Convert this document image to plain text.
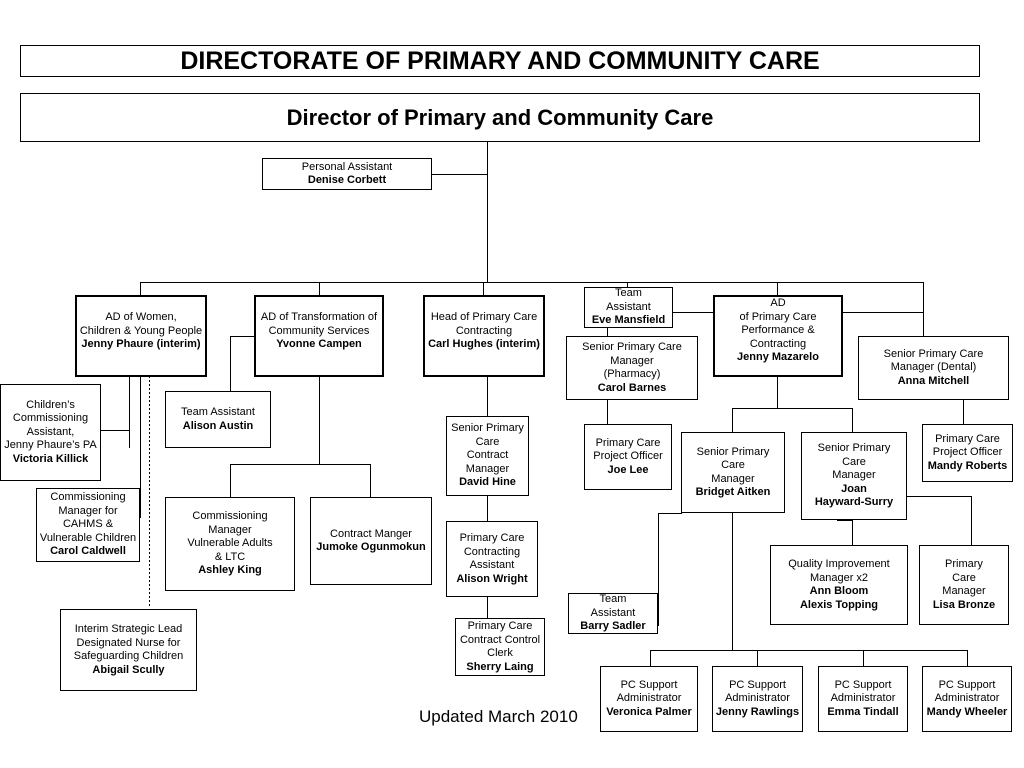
DIRECTORATE OF PRIMARY AND COMMUNITY CARE
Director of Primary and Community Care
Personal Assistant
Denise Corbett
AD of Women,
Children & Young People
Jenny Phaure (interim)
AD of Transformation of
Community Services
Yvonne Campen
Head of Primary Care
Contracting
Carl Hughes (interim)
Team
Assistant
Eve Mansfield
AD
of Primary Care
Performance &
Contracting
Jenny Mazarelo
Children’s
Commissioning
Assistant,
Jenny Phaure’s PA
Victoria Killick
Commissioning
Manager for
CAHMS &
Vulnerable Children
Carol Caldwell
Interim Strategic Lead
Designated Nurse for
Safeguarding Children
Abigail Scully
Team Assistant
Alison Austin
Commissioning
Manager
Vulnerable Adults
& LTC
Ashley King
Contract Manger
Jumoke Ogunmokun
Senior Primary
Care
Contract
Manager
David Hine
Primary Care
Contracting
Assistant
Alison Wright
Primary Care
Contract Control
Clerk
Sherry Laing
Senior Primary Care
Manager
(Pharmacy)
Carol Barnes
Primary Care
Project Officer
Joe Lee
Team
Assistant
Barry Sadler
Senior Primary
Care
Manager
Bridget Aitken
Senior Primary
Care
Manager
Joan
Hayward-Surry
Senior Primary Care
Manager (Dental)
Anna Mitchell
Primary Care
Project Officer
Mandy Roberts
Quality Improvement
Manager x2
Ann Bloom
Alexis Topping
Primary
Care
Manager
Lisa Bronze
PC Support
Administrator
Veronica Palmer
PC Support
Administrator
Jenny Rawlings
PC Support
Administrator
Emma Tindall
PC Support
Administrator
Mandy Wheeler
Updated March 2010
